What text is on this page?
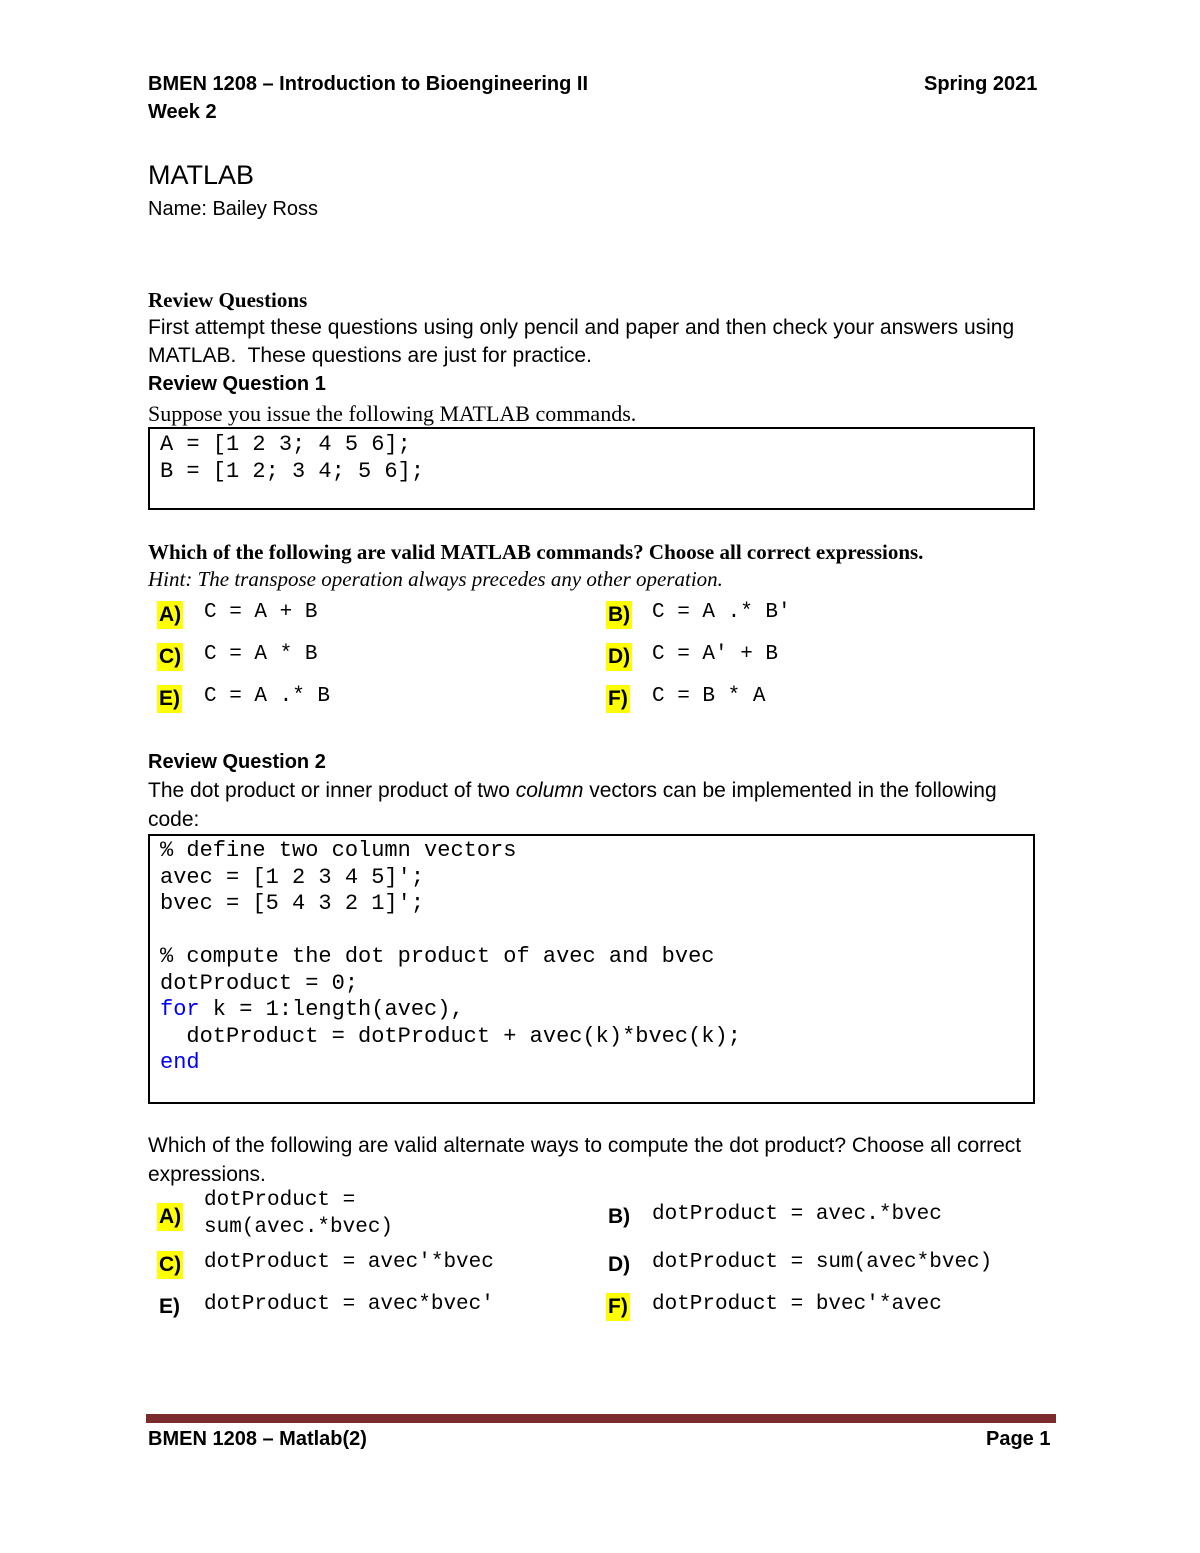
BMEN 1208 – Introduction to Bioengineering II	Spring 2021
Week 2
MATLAB
Name: Bailey Ross
Review Questions
First attempt these questions using only pencil and paper and then check your answers using
MATLAB.  These questions are just for practice.
Review Question 1
Suppose you issue the following MATLAB commands.
A = [1 2 3; 4 5 6];
B = [1 2; 3 4; 5 6];
Which of the following are valid MATLAB commands? Choose all correct expressions.
Hint: The transpose operation always precedes any other operation.
A) C = A + B	B) C = A .* B'
C) C = A * B	D) C = A' + B
E) C = A .* B	F) C = B * A
Review Question 2
The dot product or inner product of two column vectors can be implemented in the following
code:
% define two column vectors
avec = [1 2 3 4 5]';
bvec = [5 4 3 2 1]';
% compute the dot product of avec and bvec
dotProduct = 0;
for k = 1:length(avec),
dotProduct = dotProduct + avec(k)*bvec(k);
end
Which of the following are valid alternate ways to compute the dot product? Choose all correct
expressions.
A)
dotProduct =
sum(avec.*bvec)	B) dotProduct = avec.*bvec
C) dotProduct = avec'*bvec	D) dotProduct = sum(avec*bvec)
E) dotProduct = avec*bvec'	F) dotProduct = bvec'*avec
BMEN 1208 – Matlab(2)	Page 1
